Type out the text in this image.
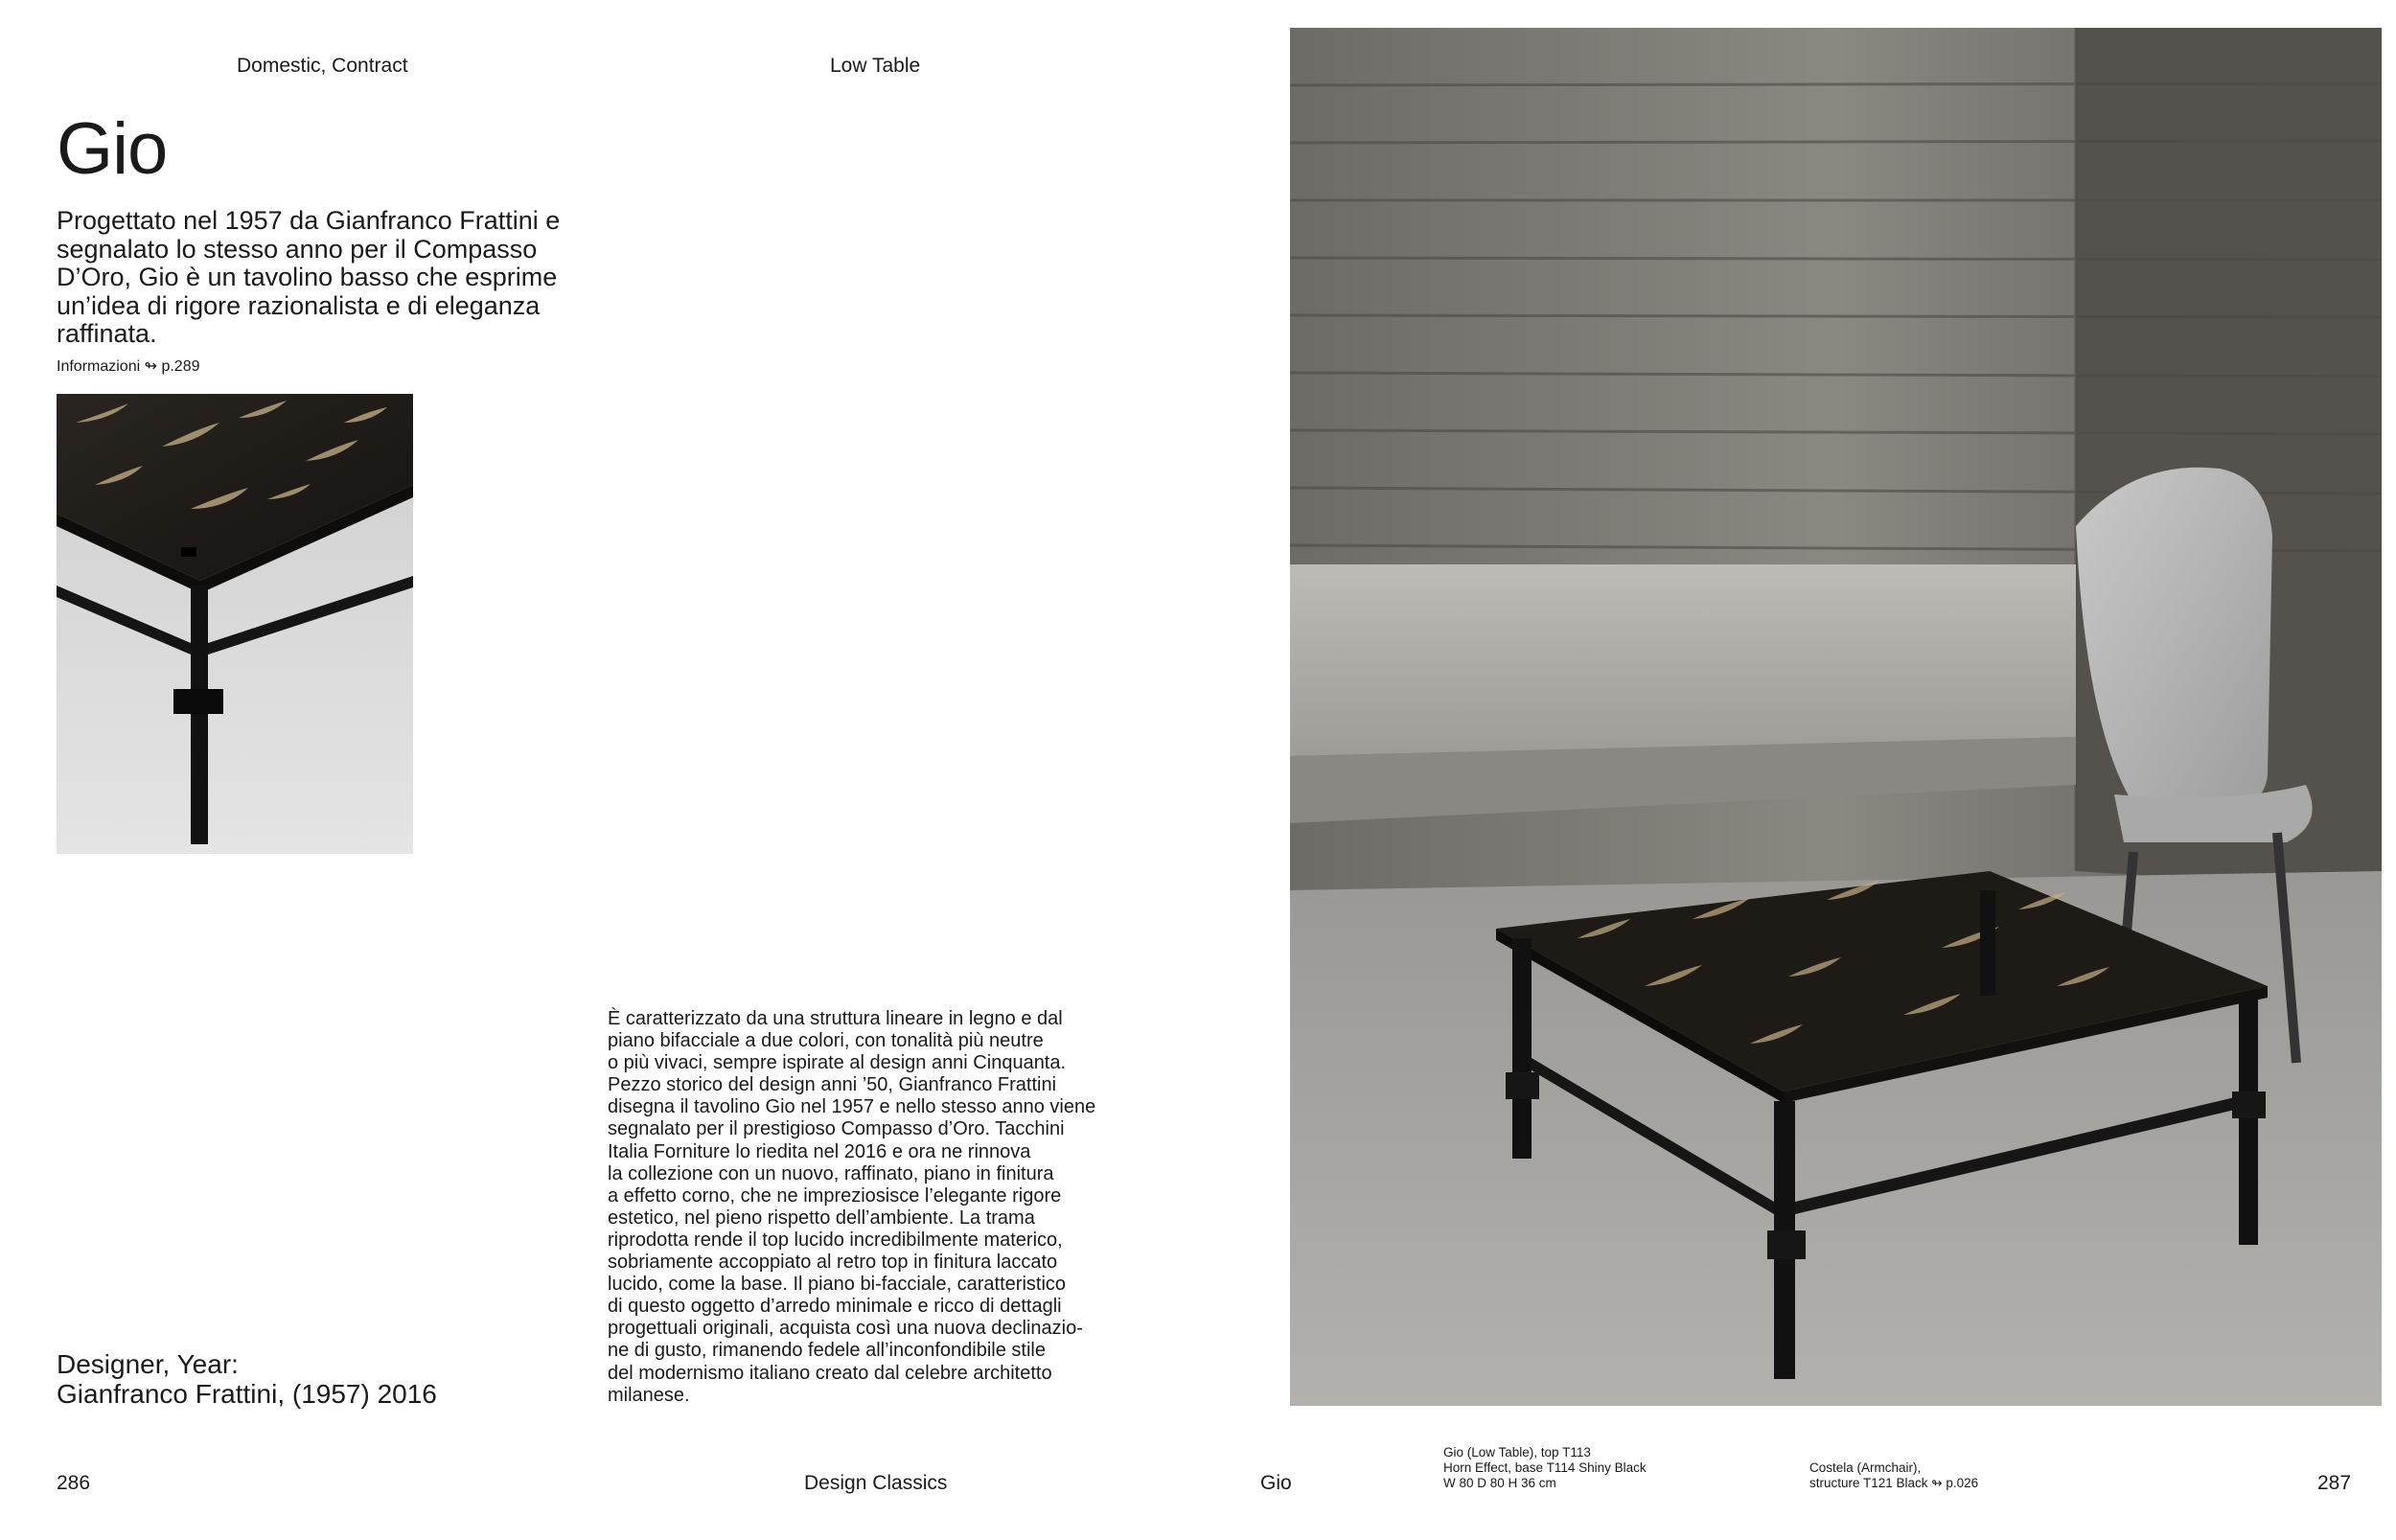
Domestic, Contract	Low Table
Gio
Progettato nel 1957 da Gianfranco Frattini e segnalato lo stesso anno per il Compasso D’Oro, Gio è un tavolino basso che esprime un’idea di rigore razionalista e di eleganza raffinata.
Informazioni ↬ p.289
È caratterizzato da una struttura lineare in legno e dal
piano bifacciale a due colori, con tonalità più neutre
o più vivaci, sempre ispirate al design anni Cinquanta.
Pezzo storico del design anni ’50, Gianfranco Frattini
disegna il tavolino Gio nel 1957 e nello stesso anno viene
segnalato per il prestigioso Compasso d’Oro. Tacchini
Italia Forniture lo riedita nel 2016 e ora ne rinnova
la collezione con un nuovo, raffinato, piano in finitura
a effetto corno, che ne impreziosisce l’elegante rigore
estetico, nel pieno rispetto dell’ambiente. La trama
riprodotta rende il top lucido incredibilmente materico,
sobriamente accoppiato al retro top in finitura laccato
lucido, come la base. Il piano bi-facciale, caratteristico
di questo oggetto d’arredo minimale e ricco di dettagli
progettuali originali, acquista così una nuova declinazio-
ne di gusto, rimanendo fedele all’inconfondibile stile
del modernismo italiano creato dal celebre architetto
milanese.
Designer, Year:
Gianfranco Frattini, (1957) 2016
286	Design Classics	Gio
Gio (Low Table), top T113
Horn Effect, base T114 Shiny Black
W 80 D 80 H 36 cm
Costela (Armchair),
structure T121 Black ↬ p.026	287
